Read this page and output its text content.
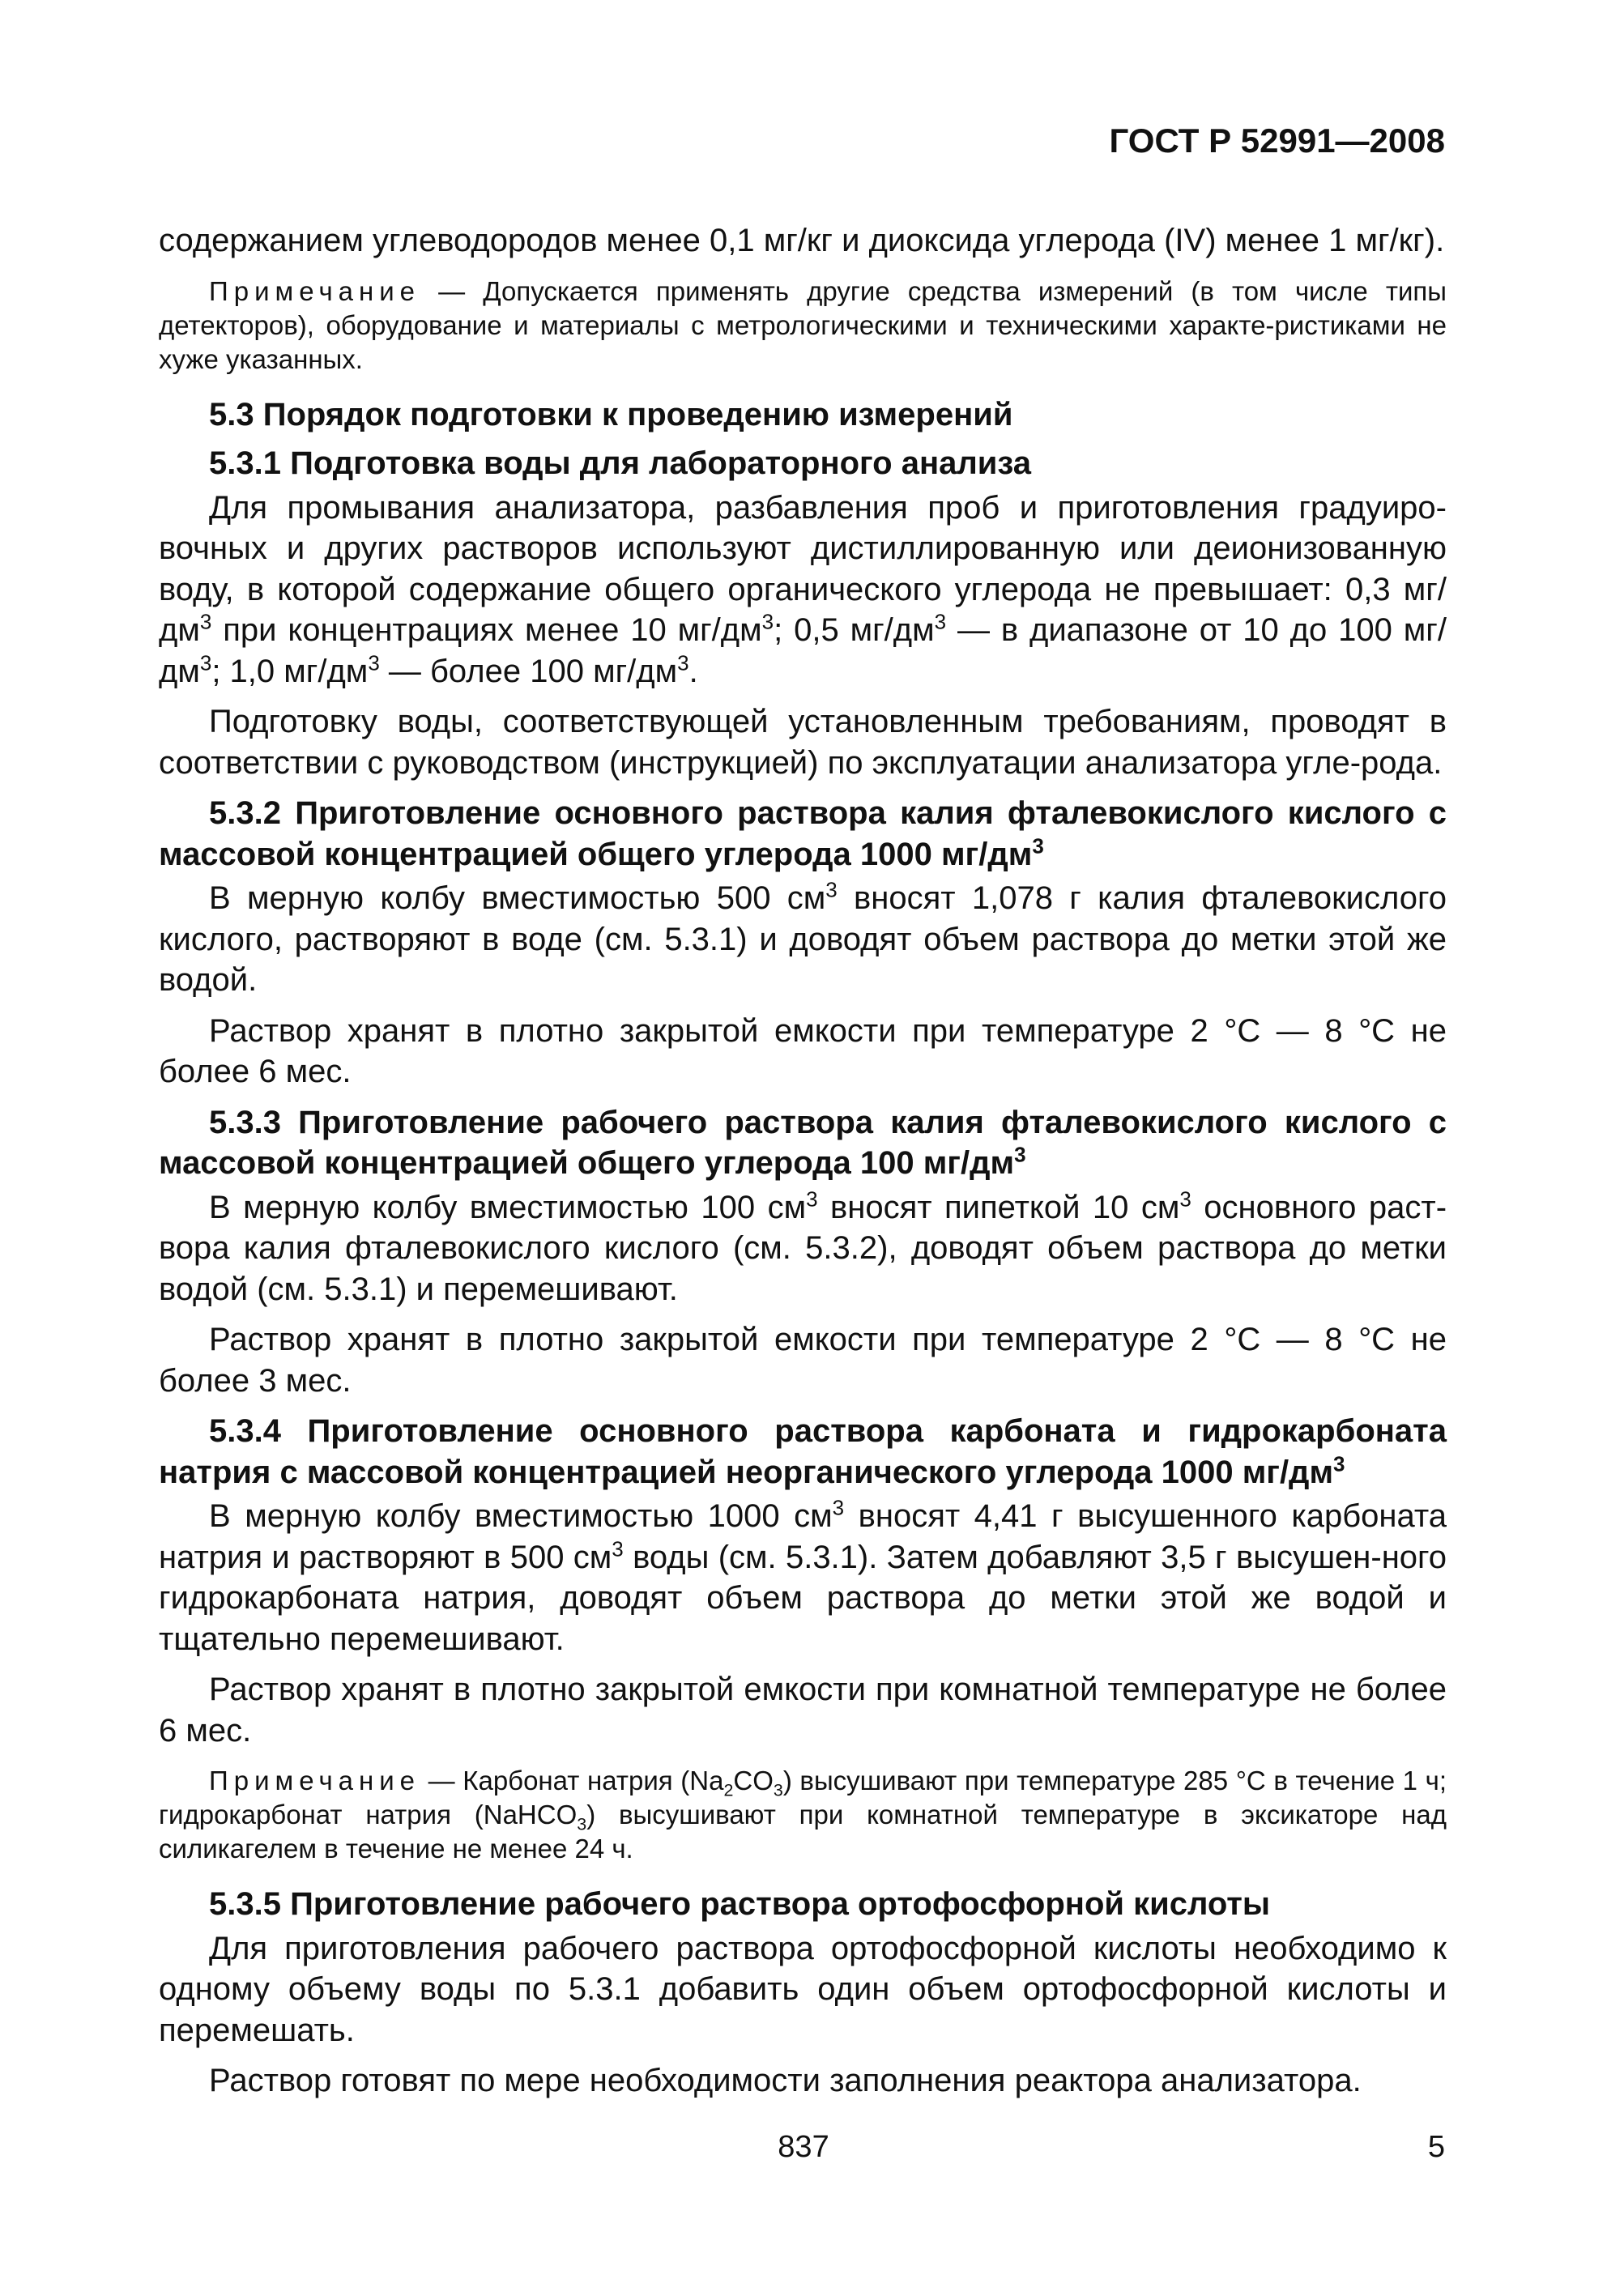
ГОСТ Р 52991—2008
содержанием углеводородов менее 0,1 мг/кг и диоксида углерода (IV) менее 1 мг/кг).
Примечание — Допускается применять другие средства измерений (в том числе типы детекторов), оборудование и материалы с метрологическими и техническими характе-ристиками не хуже указанных.
5.3 Порядок подготовки к проведению измерений
5.3.1 Подготовка воды для лабораторного анализа
Для промывания анализатора, разбавления проб и приготовления градуиро-вочных и других растворов используют дистиллированную или деионизованную воду, в которой содержание общего органического углерода не превышает: 0,3 $мг/дм^3$ при концентрациях менее 10 $мг/дм^3$; 0,5 $мг/дм^3$ — в диапазоне от 10 до 100 $мг/дм^3$; 1,0 $мг/дм^3$ — более 100 $мг/дм^3$.
Подготовку воды, соответствующей установленным требованиям, проводят в соответствии с руководством (инструкцией) по эксплуатации анализатора угле-рода.
5.3.2 Приготовление основного раствора калия фталевокислого кислого с массовой концентрацией общего углерода 1000 $мг/дм^3$
В мерную колбу вместимостью 500 $см^3$ вносят 1,078 г калия фталевокислого кислого, растворяют в воде (см. 5.3.1) и доводят объем раствора до метки этой же водой.
Раствор хранят в плотно закрытой емкости при температуре 2 °С — 8 °С не более 6 мес.
5.3.3 Приготовление рабочего раствора калия фталевокислого кислого с массовой концентрацией общего углерода 100 $мг/дм^3$
В мерную колбу вместимостью 100 $см^3$ вносят пипеткой 10 $см^3$ основного раст-вора калия фталевокислого кислого (см. 5.3.2), доводят объем раствора до метки водой (см. 5.3.1) и перемешивают.
Раствор хранят в плотно закрытой емкости при температуре 2 °С — 8 °С не более 3 мес.
5.3.4 Приготовление основного раствора карбоната и гидрокарбоната натрия с массовой концентрацией неорганического углерода 1000 $мг/дм^3$
В мерную колбу вместимостью 1000 $см^3$ вносят 4,41 г высушенного карбоната натрия и растворяют в 500 $см^3$ воды (см. 5.3.1). Затем добавляют 3,5 г высушен-ного гидрокарбоната натрия, доводят объем раствора до метки этой же водой и тщательно перемешивают.
Раствор хранят в плотно закрытой емкости при комнатной температуре не более 6 мес.
Примечание — Карбонат натрия $(Na_2CO_3)$ высушивают при температуре 285 °С в течение 1 ч; гидрокарбонат натрия (NaHCO$_3$) высушивают при комнатной температуре в эксикаторе над силикагелем в течение не менее 24 ч.
5.3.5 Приготовление рабочего раствора ортофосфорной кислоты
Для приготовления рабочего раствора ортофосфорной кислоты необходимо к одному объему воды по 5.3.1 добавить один объем ортофосфорной кислоты и перемешать.
Раствор готовят по мере необходимости заполнения реактора анализатора.
837	5
